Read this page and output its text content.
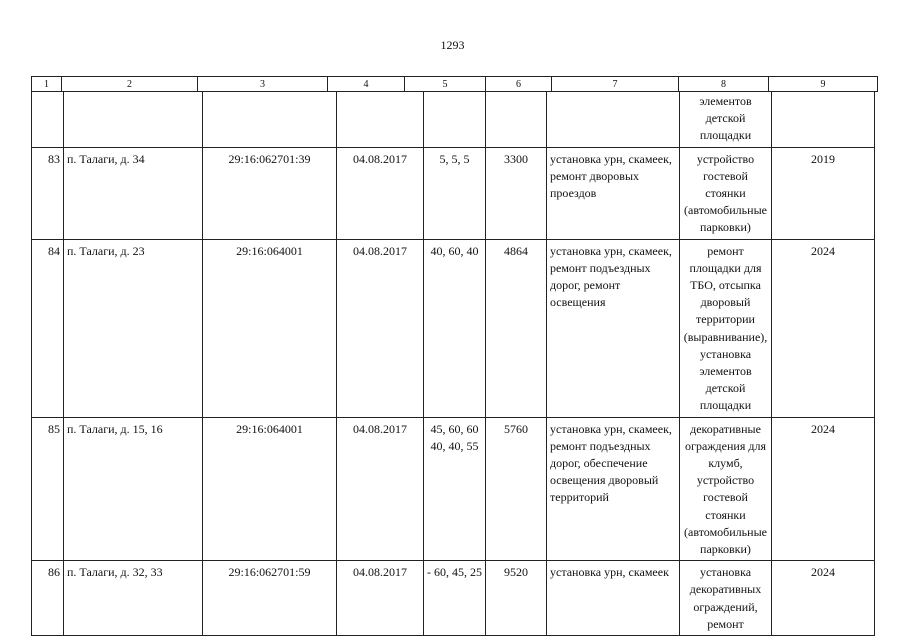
1293
1	2	3	4	5	6	7	8	9
							элементов детской площадки	
83	п. Талаги, д. 34	29:16:062701:39	04.08.2017	5, 5, 5	3300	установка урн, скамеек, ремонт дворовых проездов	устройство гостевой стоянки (автомобильные парковки)	2019
84	п. Талаги, д. 23	29:16:064001	04.08.2017	40, 60, 40	4864	установка урн, скамеек, ремонт подъездных дорог, ремонт освещения	ремонт площадки для ТБО, отсыпка дворовый территории (выравнивание), установка элементов детской площадки	2024
85	п. Талаги, д. 15, 16	29:16:064001	04.08.2017	45, 60, 60 40, 40, 55	5760	установка урн, скамеек, ремонт подъездных дорог, обеспечение освещения дворовый территорий	декоративные ограждения для клумб, устройство гостевой стоянки (автомобильные парковки)	2024
86	п. Талаги, д. 32, 33	29:16:062701:59	04.08.2017	- 60, 45, 25	9520	установка урн, скамеек	установка декоративных ограждений, ремонт	2024
